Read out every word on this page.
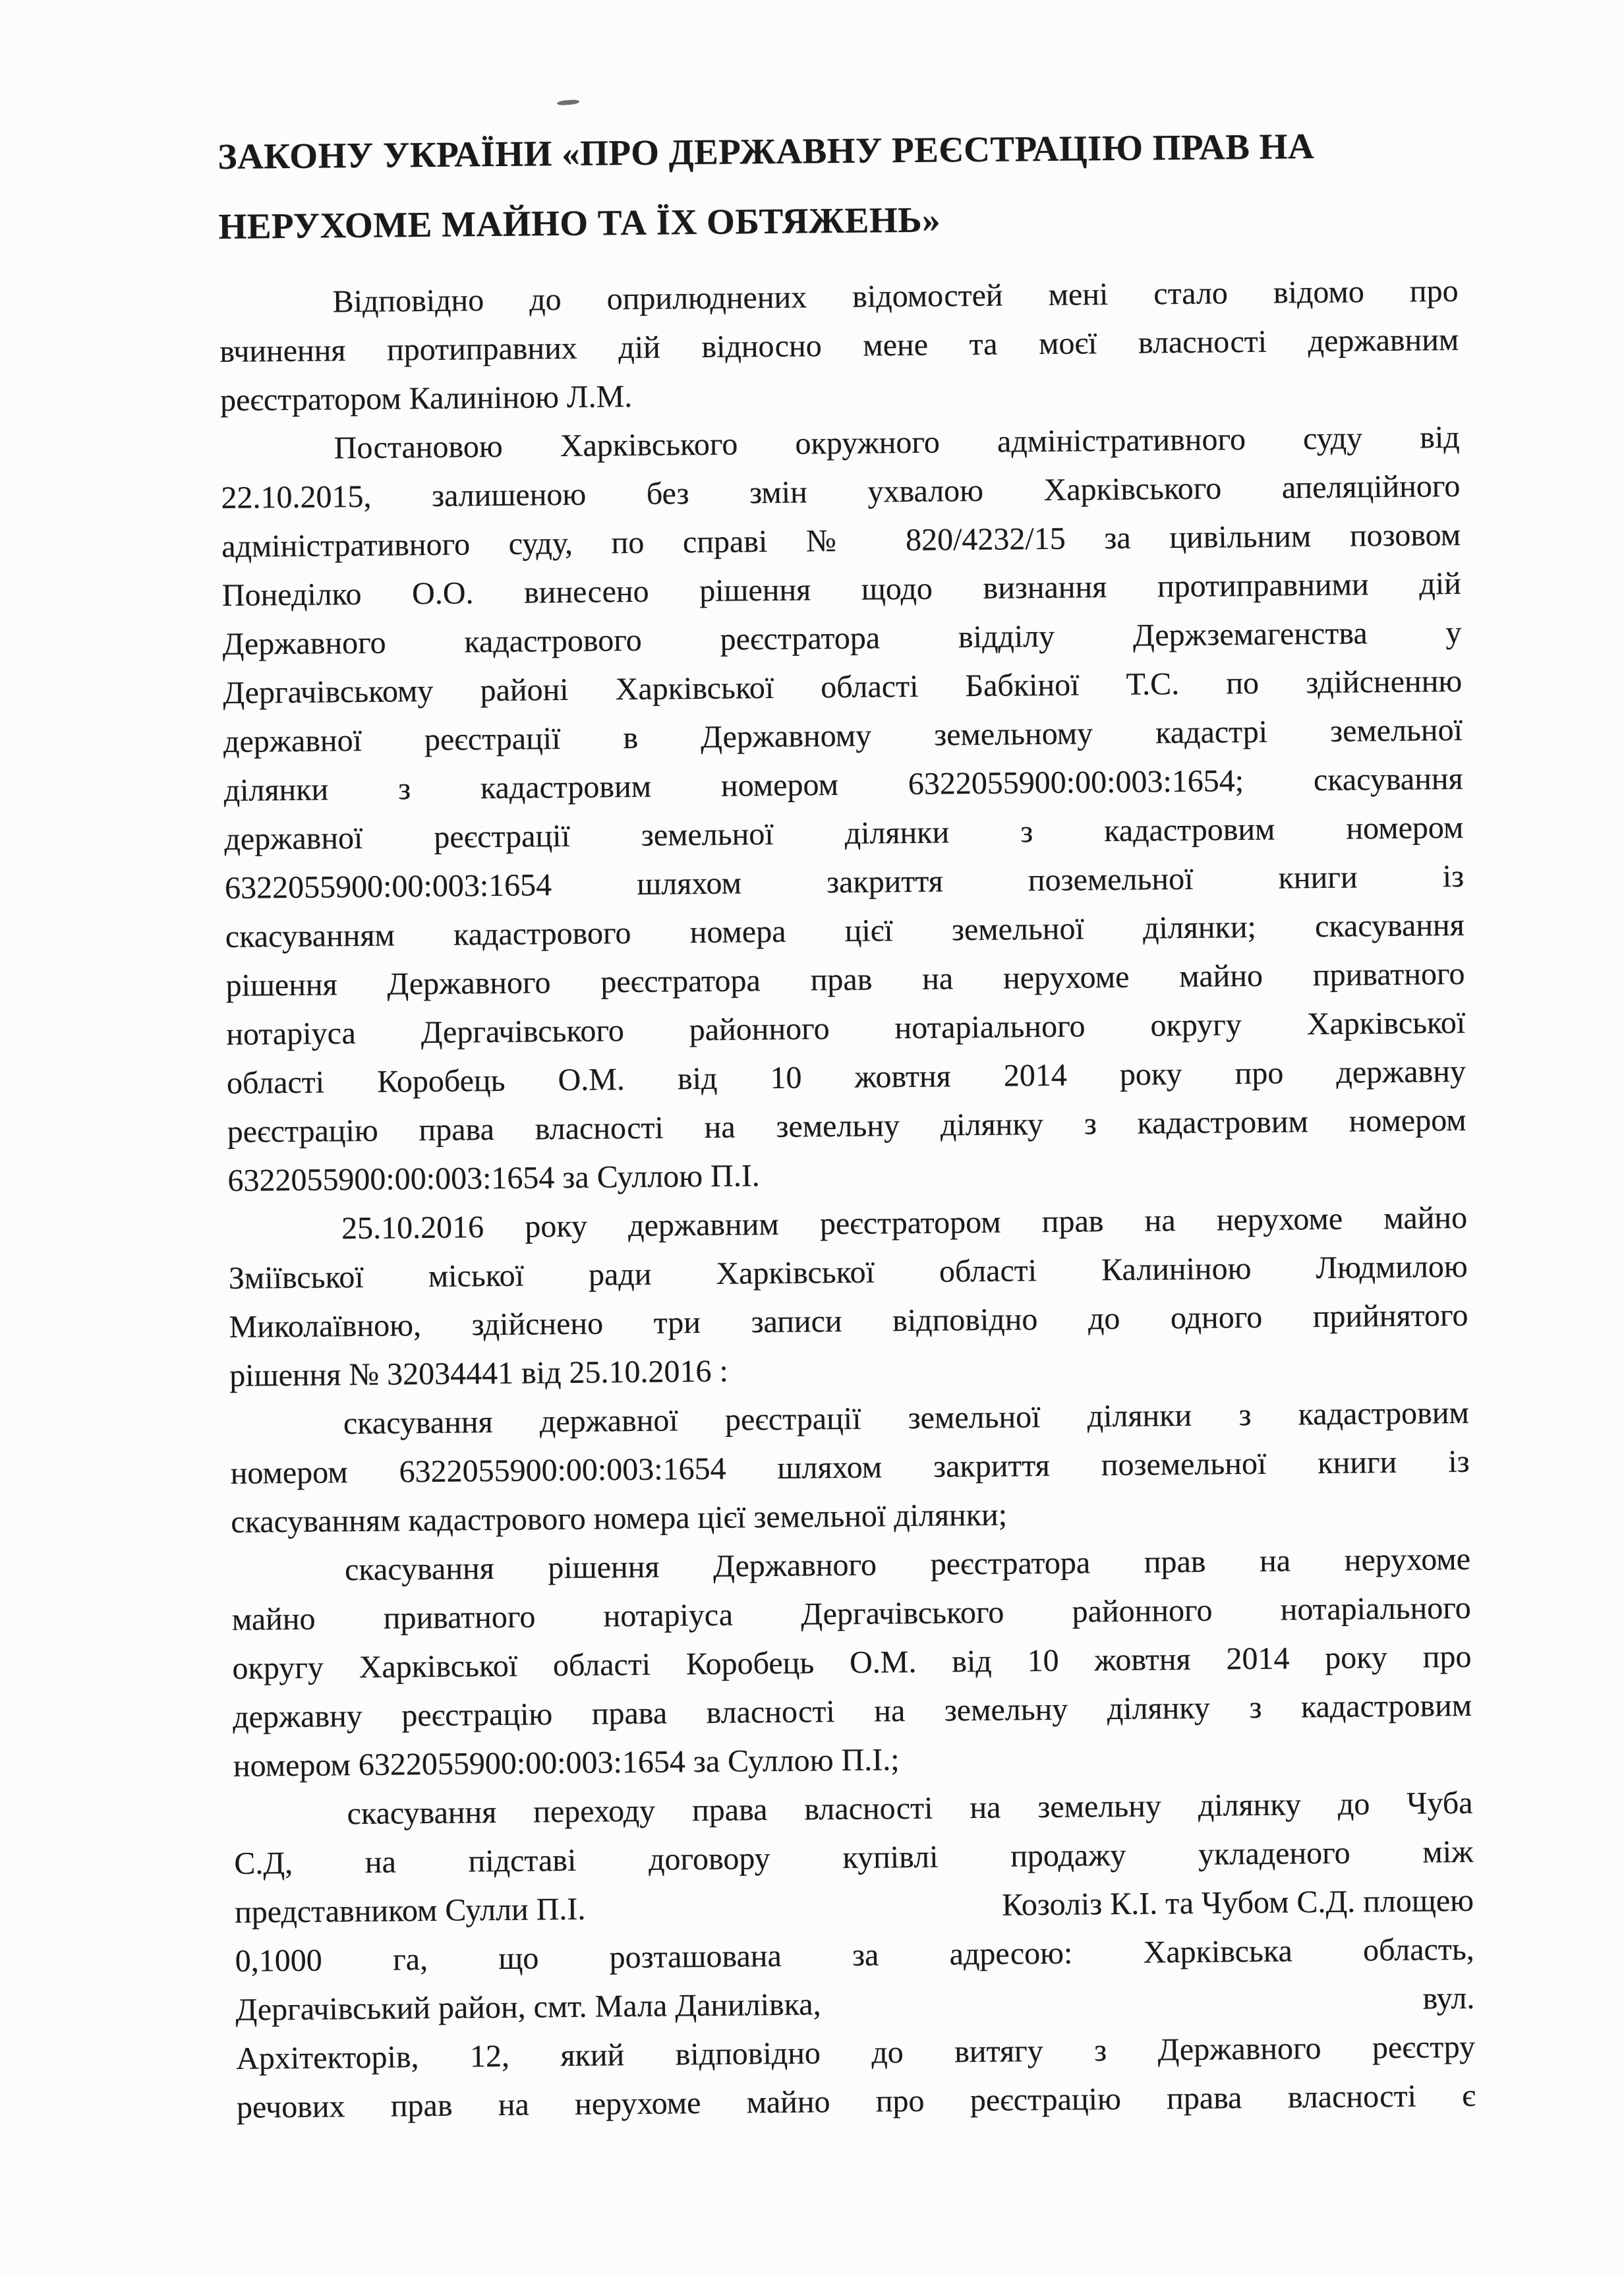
ЗАКОНУ УКРАЇНИ «ПРО ДЕРЖАВНУ РЕЄСТРАЦІЮ ПРАВ НА
НЕРУХОМЕ МАЙНО ТА ЇХ ОБТЯЖЕНЬ»
Відповідно до оприлюднених відомостей мені стало відомо про
вчинення протиправних дій відносно мене та моєї власності державним
реєстратором Калиніною Л.М.
Постановою Харківського окружного адміністративного суду від
22.10.2015, залишеною без змін ухвалою Харківського апеляційного
адміністративного суду, по справі № 820/4232/15 за цивільним позовом
Понеділко О.О. винесено рішення щодо визнання протиправними дій
Державного кадастрового реєстратора відділу Держземагенства у
Дергачівському районі Харківської області Бабкіної Т.С. по здійсненню
державної реєстрації в Державному земельному кадастрі земельної
ділянки з кадастровим номером 6322055900:00:003:1654; скасування
державної реєстрації земельної ділянки з кадастровим номером
6322055900:00:003:1654 шляхом закриття поземельної книги із
скасуванням кадастрового номера цієї земельної ділянки; скасування
рішення Державного реєстратора прав на нерухоме майно приватного
нотаріуса Дергачівського районного нотаріального округу Харківської
області Коробець О.М. від 10 жовтня 2014 року про державну
реєстрацію права власності на земельну ділянку з кадастровим номером
6322055900:00:003:1654 за Суллою П.І.
25.10.2016 року державним реєстратором прав на нерухоме майно
Зміївської міської ради Харківської області Калиніною Людмилою
Миколаївною, здійснено три записи відповідно до одного прийнятого
рішення № 32034441 від 25.10.2016 :
скасування державної реєстрації земельної ділянки з кадастровим
номером 6322055900:00:003:1654 шляхом закриття поземельної книги із
скасуванням кадастрового номера цієї земельної ділянки;
скасування рішення Державного реєстратора прав на нерухоме
майно приватного нотаріуса Дергачівського районного нотаріального
округу Харківської області Коробець О.М. від 10 жовтня 2014 року про
державну реєстрацію права власності на земельну ділянку з кадастровим
номером 6322055900:00:003:1654 за Суллою П.І.;
скасування переходу права власності на земельну ділянку до Чуба
С.Д, на підставі договору купівлі продажу укладеного між
представником Сулли П.І.	Козоліз К.І. та Чубом С.Д. площею
0,1000 га, що розташована за адресою: Харківська область,
Дергачівський район, смт. Мала Данилівка,	вул.
Архітекторів, 12, який відповідно до витягу з Державного реєстру
речових прав на нерухоме майно про реєстрацію права власності є
